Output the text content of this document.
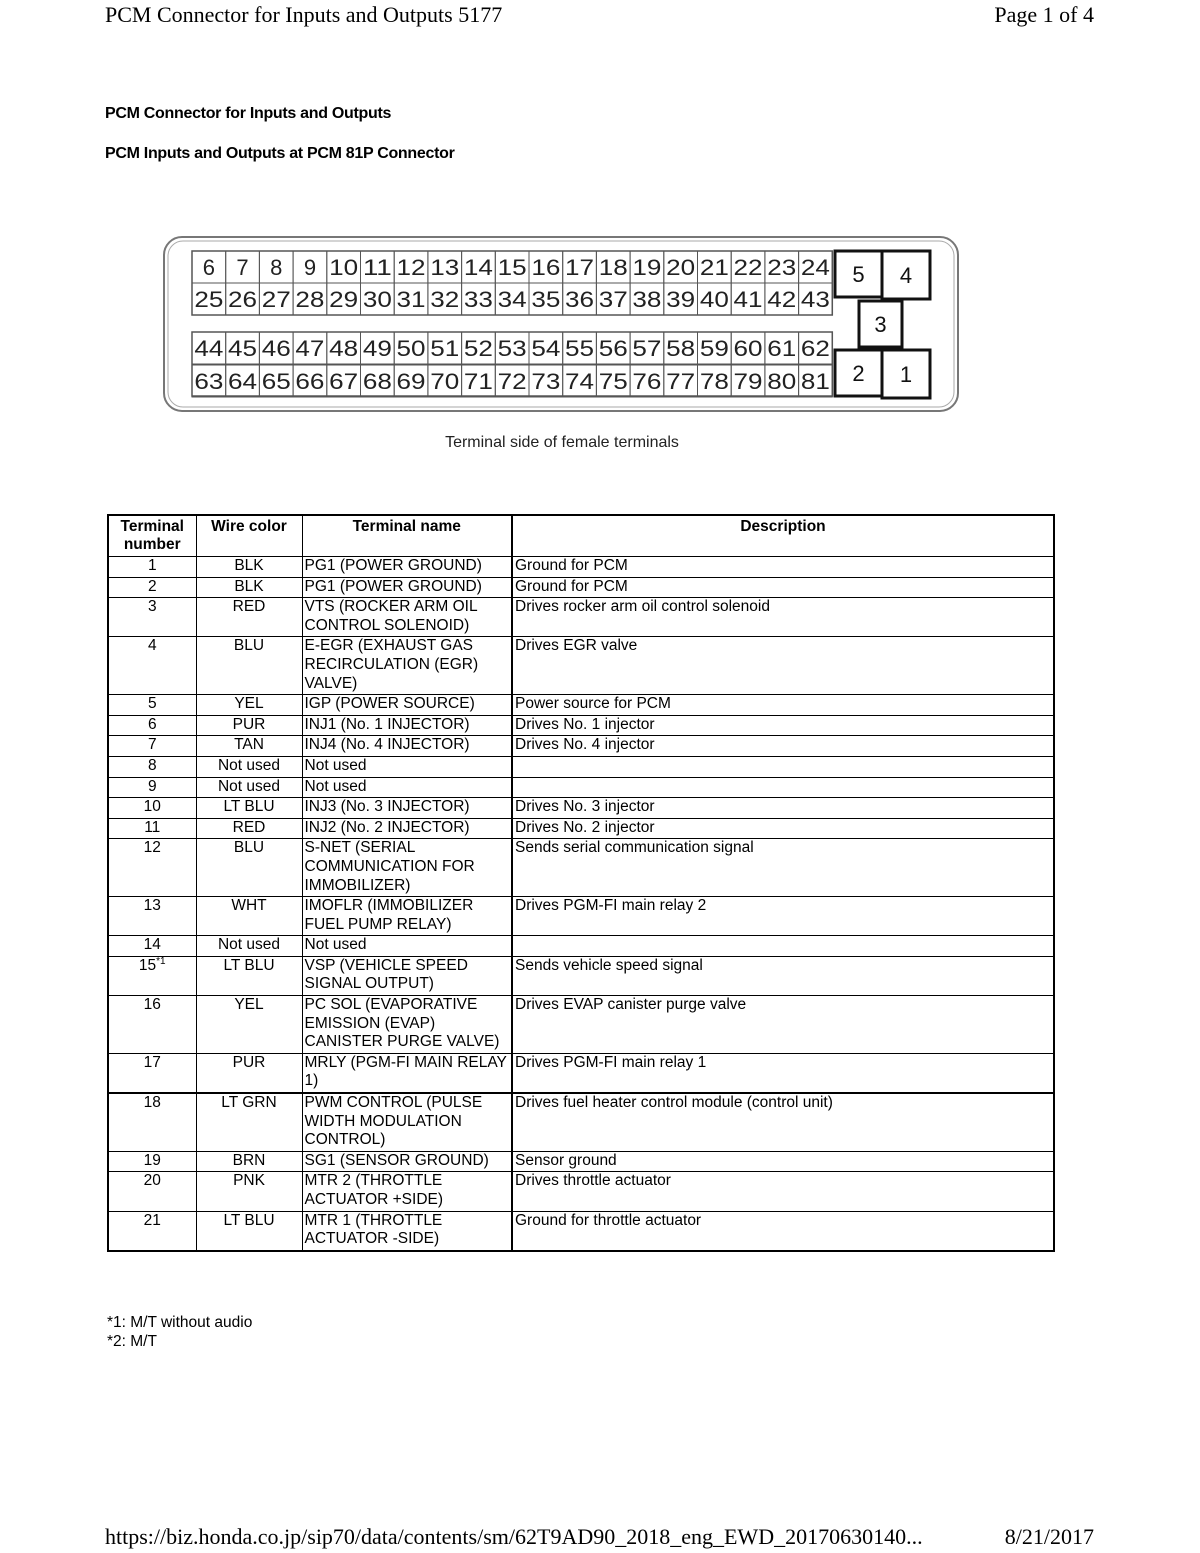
PCM Connector for Inputs and Outputs 5177	Page 1 of 4
PCM Connector for Inputs and Outputs
PCM Inputs and Outputs at PCM 81P Connector
6 7 8 9 10 11 12 13 14 15 16 17 18 19 20 21 22 23 24
25 26 27 28 29 30 31 32 33 34 35 36 37 38 39 40 41 42 43
44 45 46 47 48 49 50 51 52 53 54 55 56 57 58 59 60 61 62
63 64 65 66 67 68 69 70 71 72 73 74 75 76 77 78 79 80 81
5 4
3
2 1
Terminal side of female terminals
Terminal number	Wire color	Terminal name	Description
1	BLK	PG1 (POWER GROUND)	Ground for PCM
2	BLK	PG1 (POWER GROUND)	Ground for PCM
3	RED	VTS (ROCKER ARM OIL CONTROL SOLENOID)	Drives rocker arm oil control solenoid
4	BLU	E-EGR (EXHAUST GAS RECIRCULATION (EGR) VALVE)	Drives EGR valve
5	YEL	IGP (POWER SOURCE)	Power source for PCM
6	PUR	INJ1 (No. 1 INJECTOR)	Drives No. 1 injector
7	TAN	INJ4 (No. 4 INJECTOR)	Drives No. 4 injector
8	Not used	Not used	
9	Not used	Not used	
10	LT BLU	INJ3 (No. 3 INJECTOR)	Drives No. 3 injector
11	RED	INJ2 (No. 2 INJECTOR)	Drives No. 2 injector
12	BLU	S-NET (SERIAL COMMUNICATION FOR IMMOBILIZER)	Sends serial communication signal
13	WHT	IMOFLR (IMMOBILIZER FUEL PUMP RELAY)	Drives PGM-FI main relay 2
14	Not used	Not used	
15$^{*1}$	LT BLU	VSP (VEHICLE SPEED SIGNAL OUTPUT)	Sends vehicle speed signal
16	YEL	PC SOL (EVAPORATIVE EMISSION (EVAP) CANISTER PURGE VALVE)	Drives EVAP canister purge valve
17	PUR	MRLY (PGM-FI MAIN RELAY 1)	Drives PGM-FI main relay 1
18	LT GRN	PWM CONTROL (PULSE WIDTH MODULATION CONTROL)	Drives fuel heater control module (control unit)
19	BRN	SG1 (SENSOR GROUND)	Sensor ground
20	PNK	MTR 2 (THROTTLE ACTUATOR +SIDE)	Drives throttle actuator
21	LT BLU	MTR 1 (THROTTLE ACTUATOR -SIDE)	Ground for throttle actuator
*1: M/T without audio
*2: M/T
https://biz.honda.co.jp/sip70/data/contents/sm/62T9AD90_2018_eng_EWD_20170630140...	8/21/2017
